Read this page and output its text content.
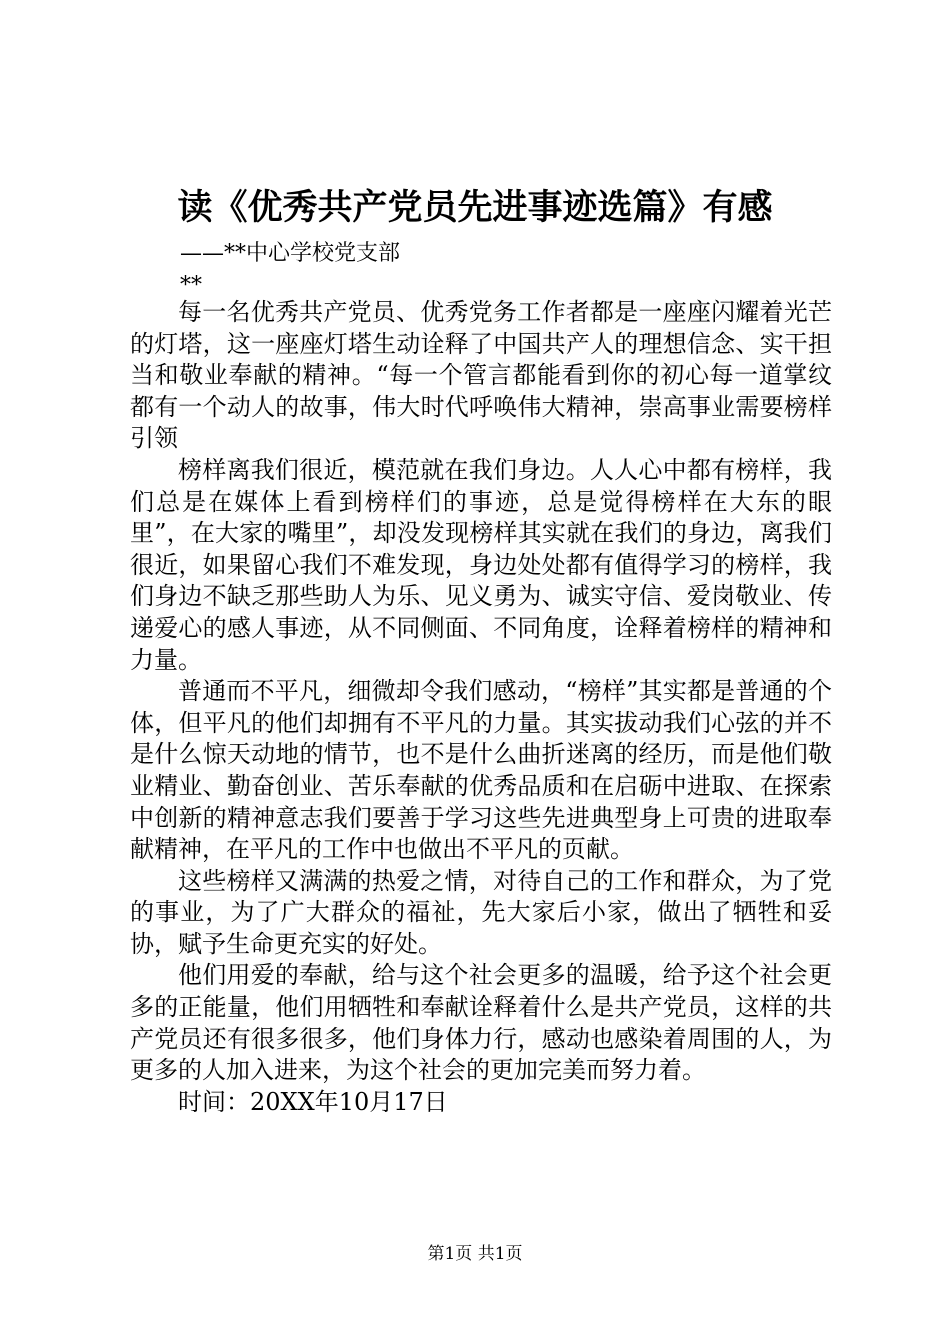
读《优秀共产党员先进事迹选篇》有感
——**中心学校党支部
**

每一名优秀共产党员、优秀党务工作者都是一座座闪耀着光芒的灯塔，这一座座灯塔生动诠释了中国共产人的理想信念、实干担当和敬业奉献的精神。“每一个管言都能看到你的初心每一道掌纹都有一个动人的故事，伟大时代呼唤伟大精神，崇高事业需要榜样引领

榜样离我们很近，模范就在我们身边。人人心中都有榜样，我们总是在媒体上看到榜样们的事迹，总是觉得榜样在大东的眼里”，在大家的嘴里”，却没发现榜样其实就在我们的身边，离我们很近，如果留心我们不难发现，身边处处都有值得学习的榜样，我们身边不缺乏那些助人为乐、见义勇为、诚实守信、爱岗敬业、传递爱心的感人事迹，从不同侧面、不同角度，诠释着榜样的精神和力量。

普通而不平凡，细微却令我们感动，“榜样”其实都是普通的个体，但平凡的他们却拥有不平凡的力量。其实拔动我们心弦的并不是什么惊天动地的情节，也不是什么曲折迷离的经历，而是他们敬业精业、勤奋创业、苦乐奉献的优秀品质和在启砺中进取、在探索中创新的精神意志我们要善于学习这些先进典型身上可贵的进取奉献精神，在平凡的工作中也做出不平凡的页献。

这些榜样又满满的热爱之情，对待自己的工作和群众，为了党的事业，为了广大群众的福祉，先大家后小家，做出了牺牲和妥协，赋予生命更充实的好处。

他们用爱的奉献，给与这个社会更多的温暖，给予这个社会更多的正能量，他们用牺牲和奉献诠释着什么是共产党员，这样的共产党员还有很多很多，他们身体力行，感动也感染着周围的人，为更多的人加入进来，为这个社会的更加完美而努力着。

时间：20XX年10月17日

第1页 共1页
